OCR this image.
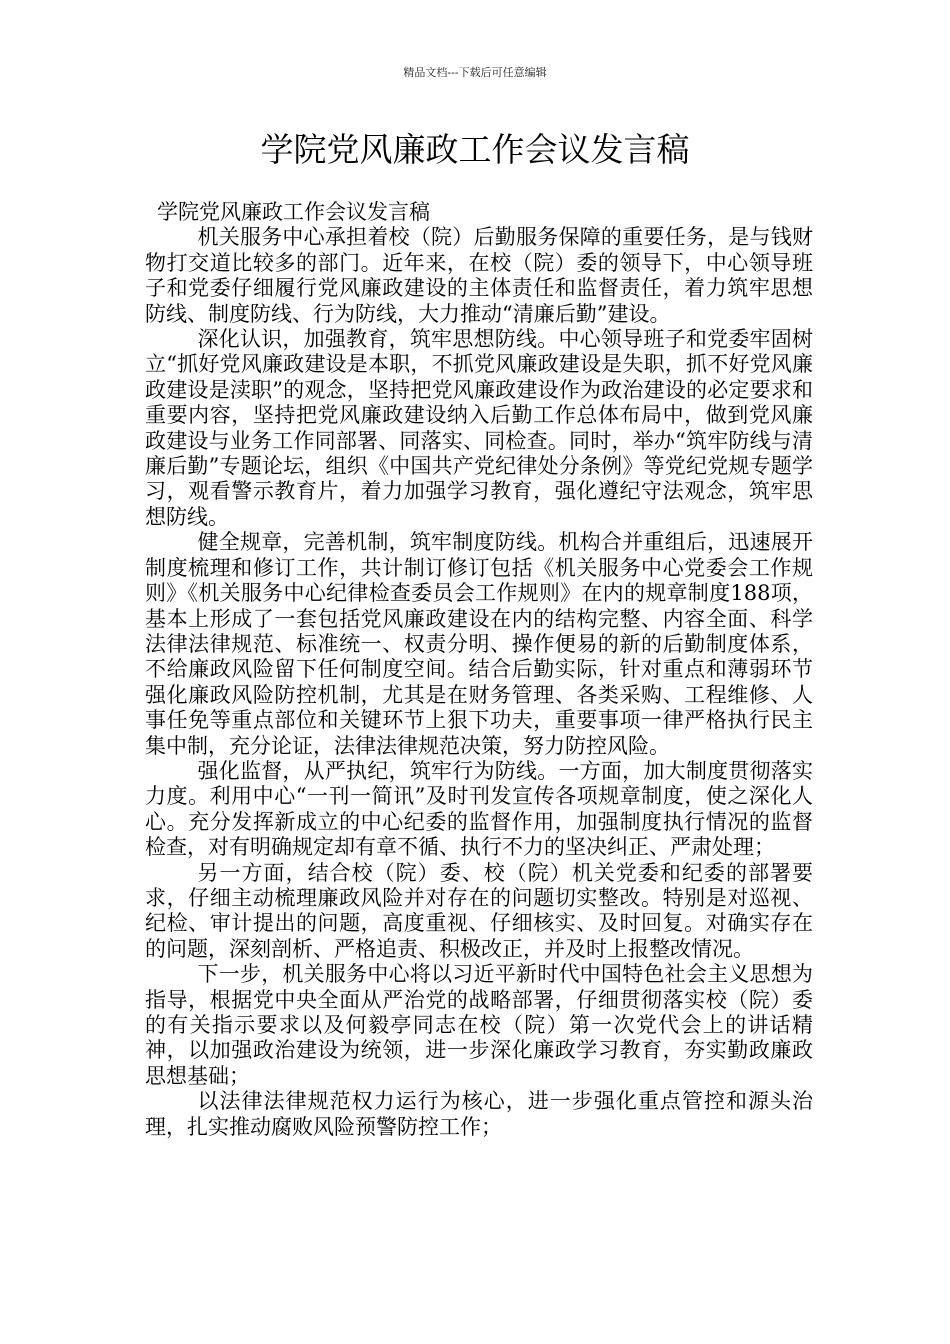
精品文档---下载后可任意编辑
学院党风廉政工作会议发言稿

学院党风廉政工作会议发言稿

机关服务中心承担着校（院）后勤服务保障的重要任务，是与钱财物打交道比较多的部门。近年来，在校（院）委的领导下，中心领导班子和党委仔细履行党风廉政建设的主体责任和监督责任，着力筑牢思想防线、制度防线、行为防线，大力推动“清廉后勤”建设。

深化认识，加强教育，筑牢思想防线。中心领导班子和党委牢固树立“抓好党风廉政建设是本职，不抓党风廉政建设是失职，抓不好党风廉政建设是渎职”的观念，坚持把党风廉政建设作为政治建设的必定要求和重要内容，坚持把党风廉政建设纳入后勤工作总体布局中，做到党风廉政建设与业务工作同部署、同落实、同检查。同时，举办“筑牢防线与清廉后勤”专题论坛，组织《中国共产党纪律处分条例》等党纪党规专题学习，观看警示教育片，着力加强学习教育，强化遵纪守法观念，筑牢思想防线。

健全规章，完善机制，筑牢制度防线。机构合并重组后，迅速展开制度梳理和修订工作，共计制订修订包括《机关服务中心党委会工作规则》《机关服务中心纪律检查委员会工作规则》在内的规章制度188项，基本上形成了一套包括党风廉政建设在内的结构完整、内容全面、科学法律法律规范、标准统一、权责分明、操作便易的新的后勤制度体系，不给廉政风险留下任何制度空间。结合后勤实际，针对重点和薄弱环节强化廉政风险防控机制，尤其是在财务管理、各类采购、工程维修、人事任免等重点部位和关键环节上狠下功夫，重要事项一律严格执行民主集中制，充分论证，法律法律规范决策，努力防控风险。

强化监督，从严执纪，筑牢行为防线。一方面，加大制度贯彻落实力度。利用中心“一刊一简讯”及时刊发宣传各项规章制度，使之深化人心。充分发挥新成立的中心纪委的监督作用，加强制度执行情况的监督检查，对有明确规定却有章不循、执行不力的坚决纠正、严肃处理；

另一方面，结合校（院）委、校（院）机关党委和纪委的部署要求，仔细主动梳理廉政风险并对存在的问题切实整改。特别是对巡视、纪检、审计提出的问题，高度重视、仔细核实、及时回复。对确实存在的问题，深刻剖析、严格追责、积极改正，并及时上报整改情况。

下一步，机关服务中心将以习近平新时代中国特色社会主义思想为指导，根据党中央全面从严治党的战略部署，仔细贯彻落实校（院）委的有关指示要求以及何毅亭同志在校（院）第一次党代会上的讲话精神，以加强政治建设为统领，进一步深化廉政学习教育，夯实勤政廉政思想基础；

以法律法律规范权力运行为核心，进一步强化重点管控和源头治理，扎实推动腐败风险预警防控工作；
